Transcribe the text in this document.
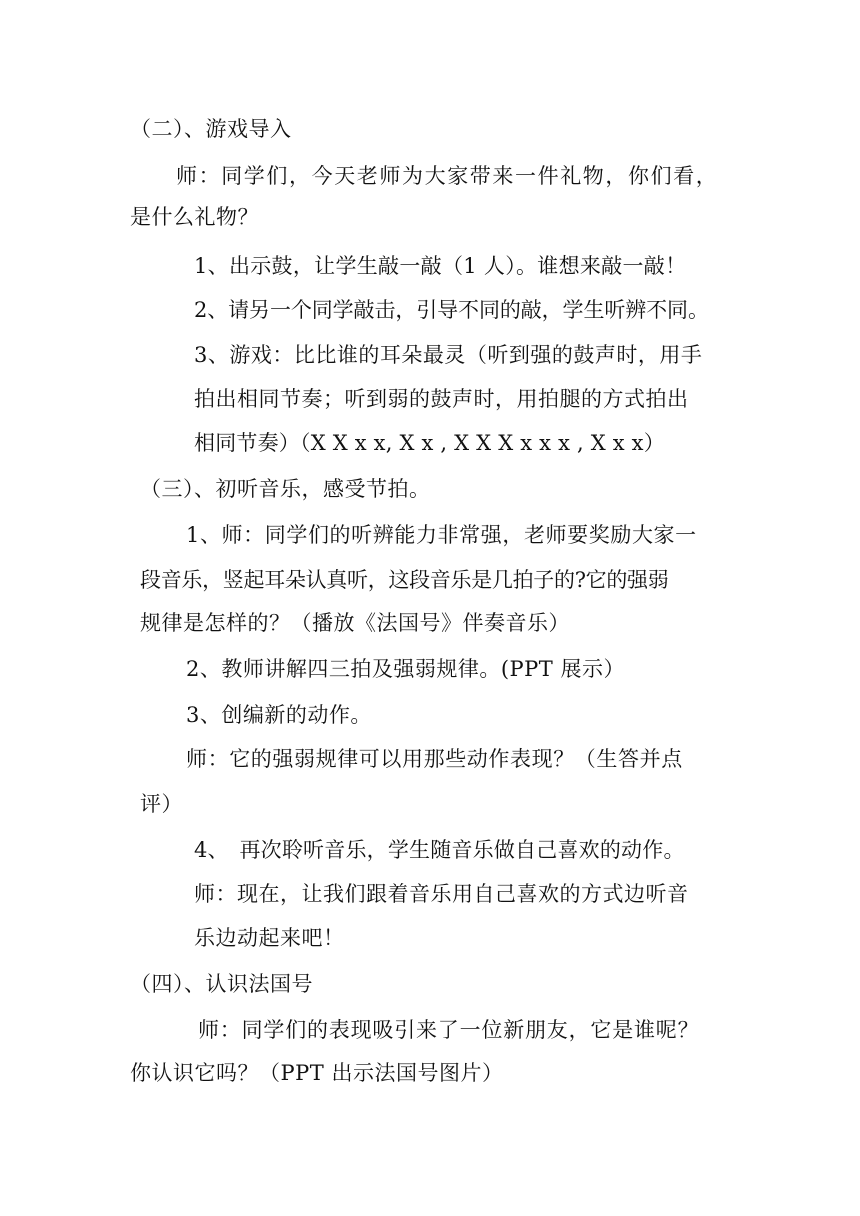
（二）、游戏导入
师：同学们，今天老师为大家带来一件礼物，你们看，
是什么礼物？
1、出示鼓，让学生敲一敲（1 人）。谁想来敲一敲！
2、请另一个同学敲击，引导不同的敲，学生听辨不同。
3、游戏：比比谁的耳朵最灵（听到强的鼓声时，用手
拍出相同节奏；听到弱的鼓声时，用拍腿的方式拍出
相同节奏）（X X x x, X x , X X X x x x , X x x）
（三）、初听音乐，感受节拍。
1、师：同学们的听辨能力非常强，老师要奖励大家一
段音乐，竖起耳朵认真听，这段音乐是几拍子的?它的强弱
规律是怎样的？（播放《法国号》伴奏音乐）
2、教师讲解四三拍及强弱规律。(PPT 展示）
3、创编新的动作。
师：它的强弱规律可以用那些动作表现？（生答并点
评）
4、　再次聆听音乐，学生随音乐做自己喜欢的动作。
师：现在，让我们跟着音乐用自己喜欢的方式边听音
乐边动起来吧！
（四）、认识法国号
师：同学们的表现吸引来了一位新朋友，它是谁呢？
你认识它吗？（PPT 出示法国号图片）
